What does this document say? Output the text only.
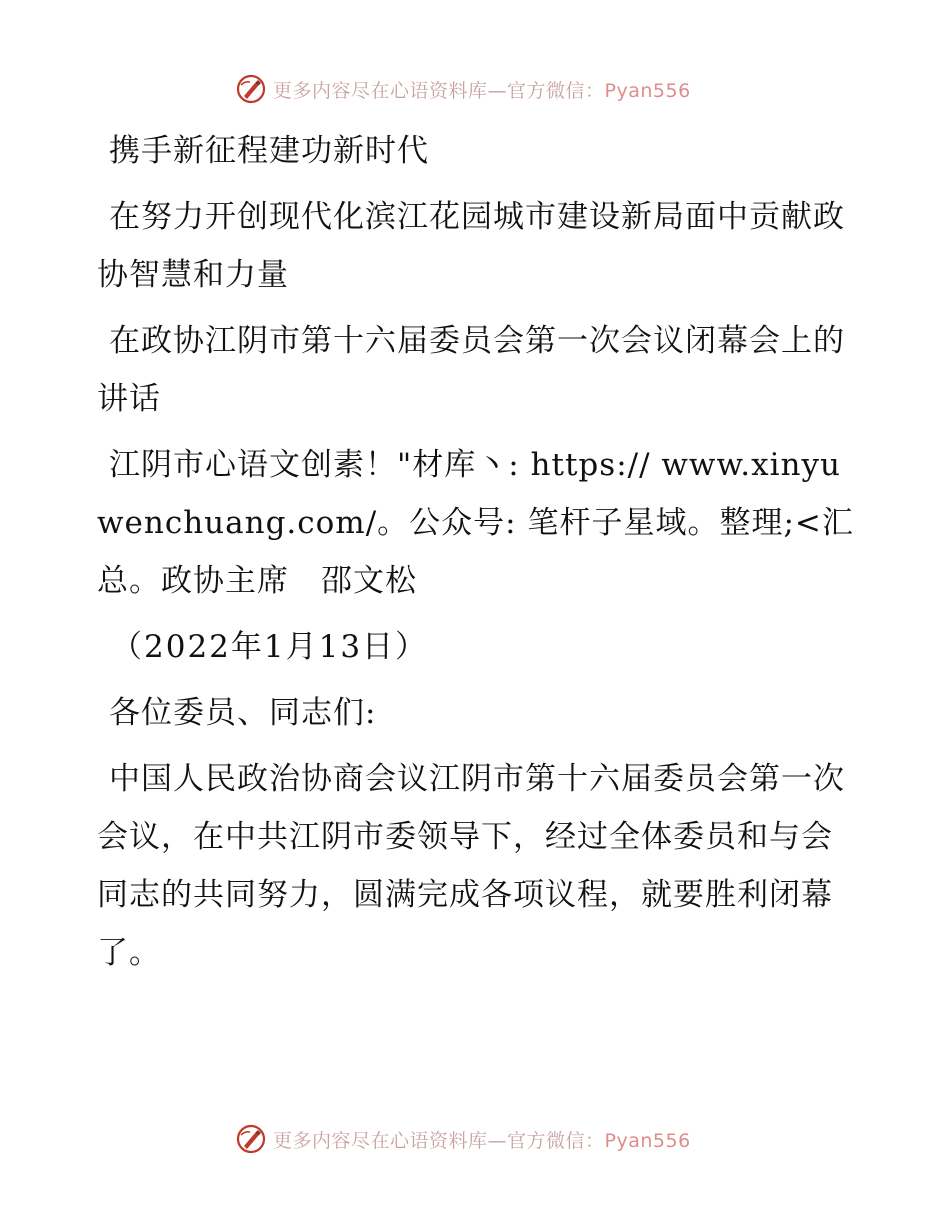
更多内容尽在心语资料库—官方微信：Pyan556

携手新征程建功新时代

在努力开创现代化滨江花园城市建设新局面中贡献政协智慧和力量

在政协江阴市第十六届委员会第一次会议闭幕会上的讲话

江阴市心语文创素！"材库丶: https:// www.xinyuwenchuang.com/。公众号: 笔杆子星域。整理;<汇总。政协主席　邵文松

（2022年1月13日）

各位委员、同志们:

中国人民政治协商会议江阴市第十六届委员会第一次会议，在中共江阴市委领导下，经过全体委员和与会同志的共同努力，圆满完成各项议程，就要胜利闭幕了。

更多内容尽在心语资料库—官方微信：Pyan556
